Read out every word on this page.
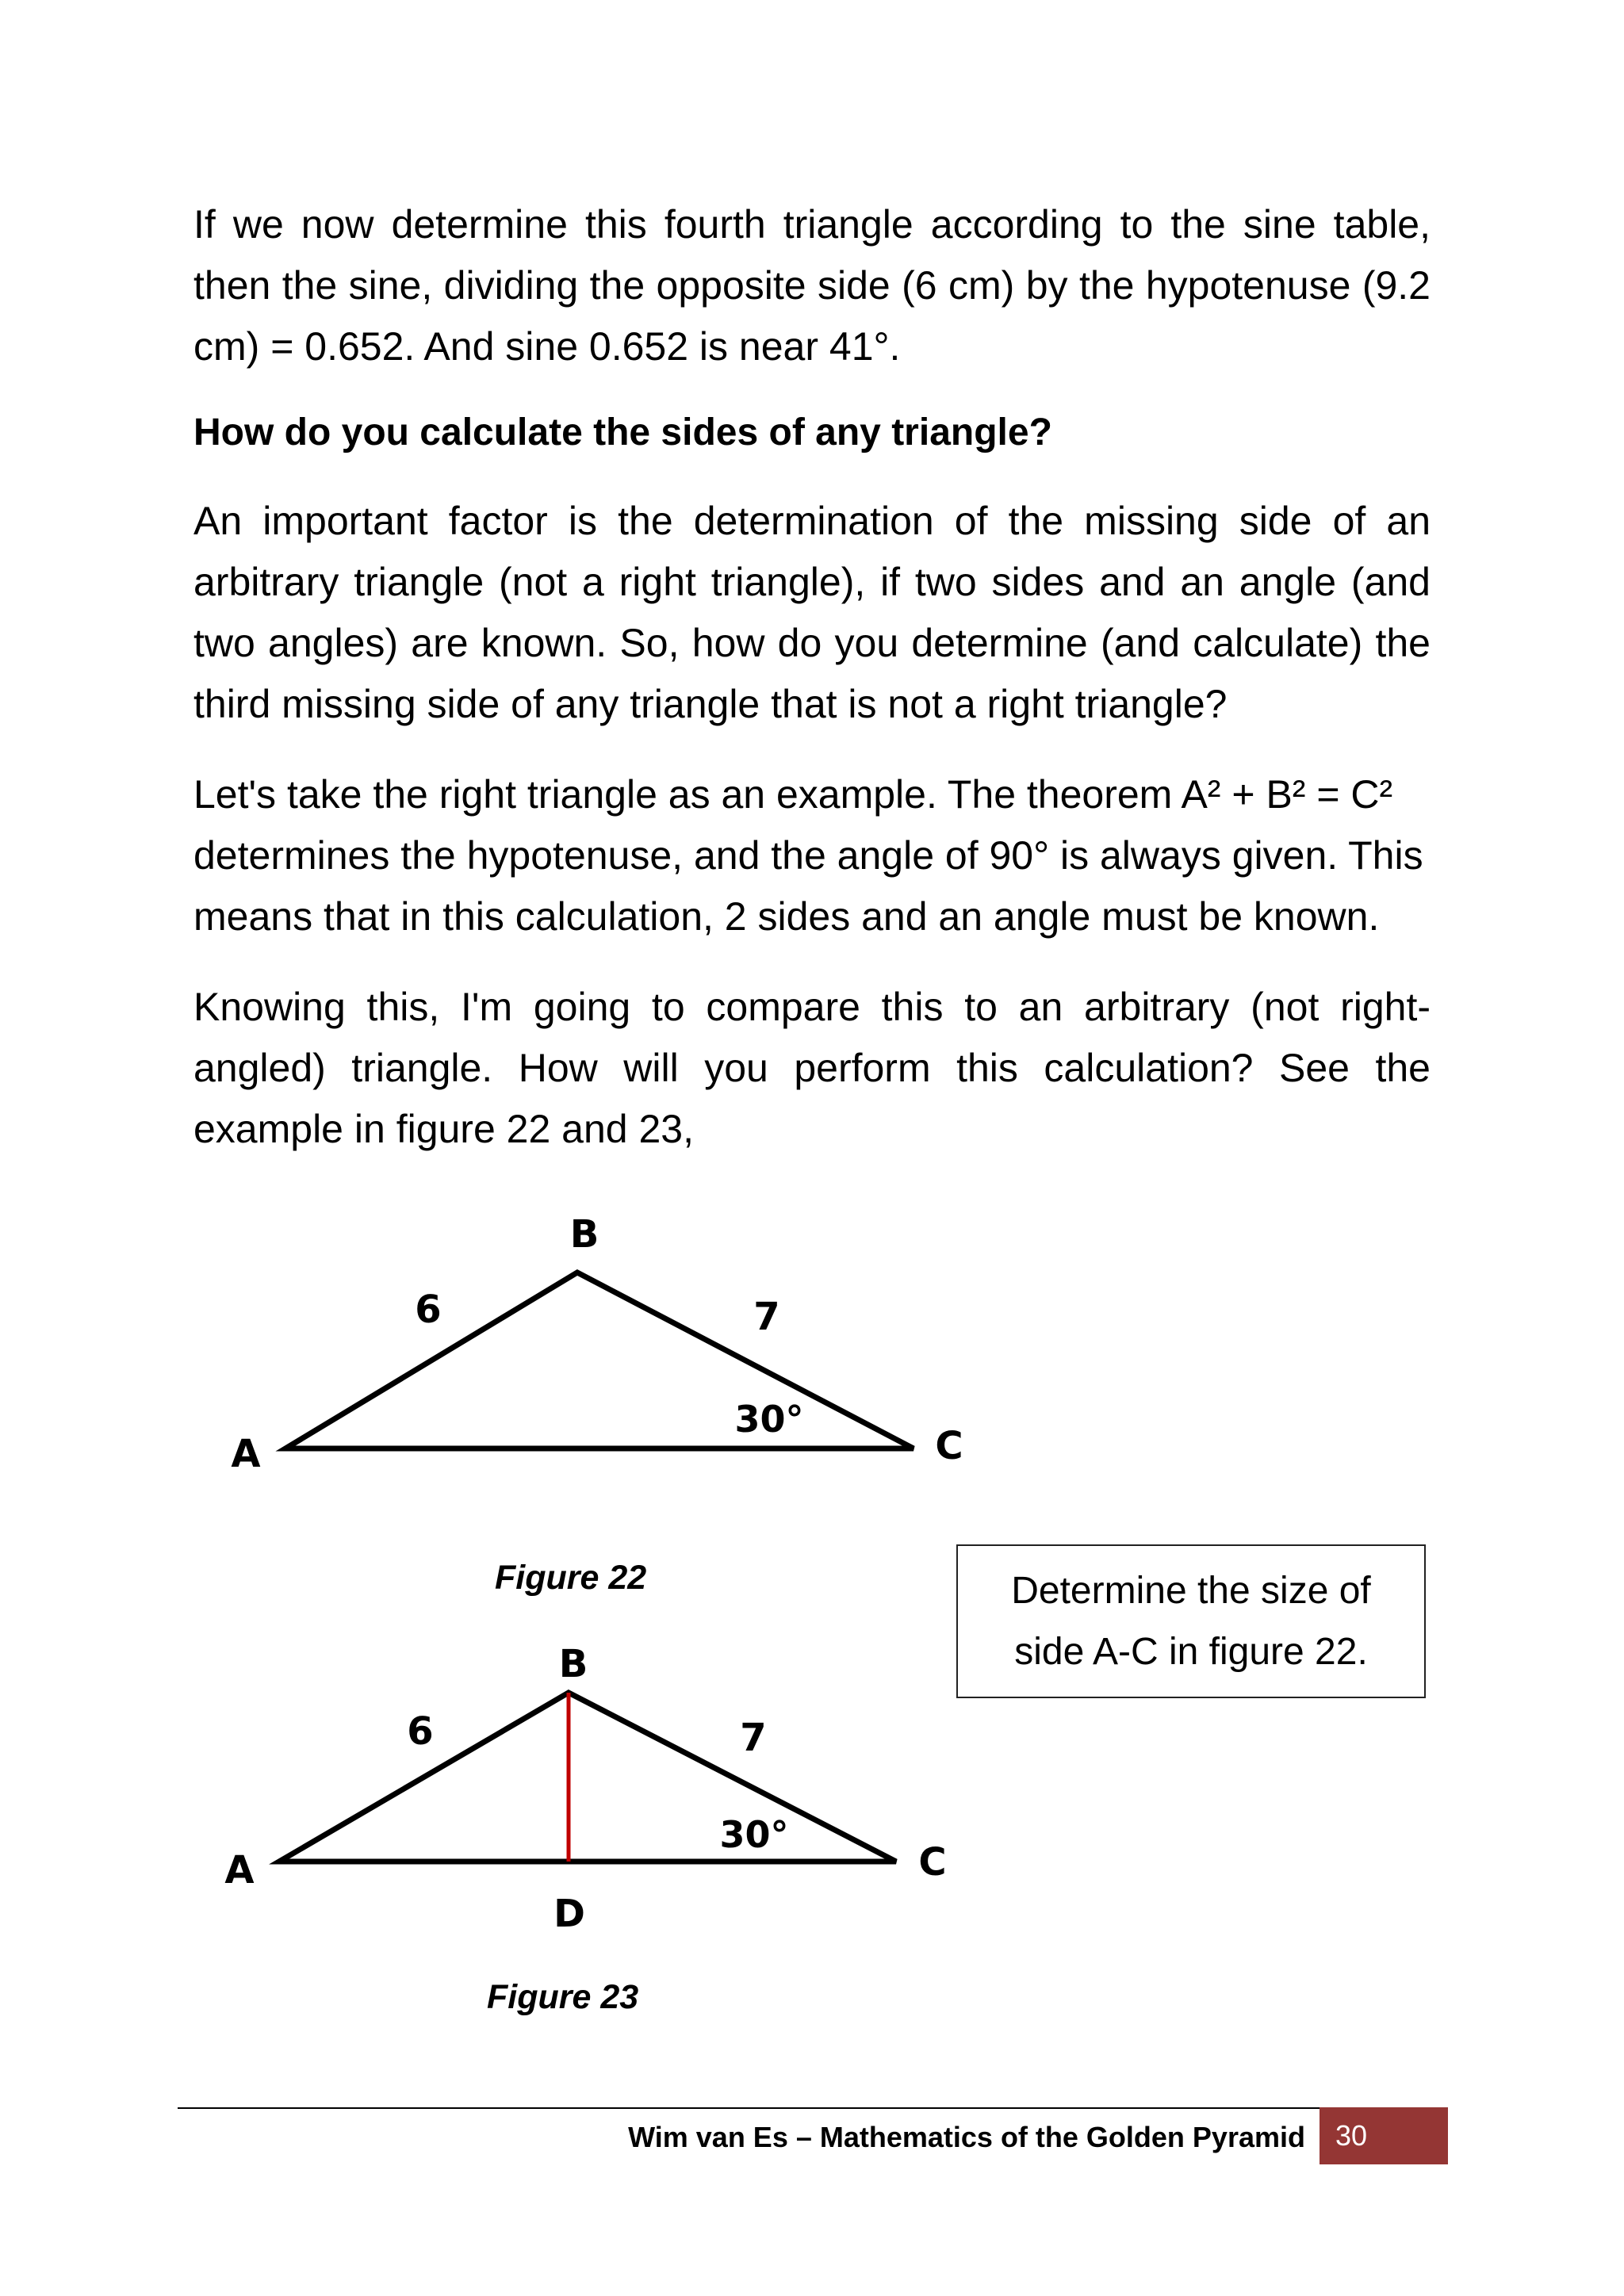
If we now determine this fourth triangle according to the sine table, then the sine, dividing the opposite side (6 cm) by the hypotenuse (9.2 cm) = 0.652. And sine 0.652 is near 41°.

How do you calculate the sides of any triangle?

An important factor is the determination of the missing side of an arbitrary triangle (not a right triangle), if two sides and an angle (and two angles) are known. So, how do you determine (and calculate) the third missing side of any triangle that is not a right triangle?

Let's take the right triangle as an example. The theorem A² + B² = C² determines the hypotenuse, and the angle of 90° is always given. This means that in this calculation, 2 sides and an angle must be known.

Knowing this, I'm going to compare this to an arbitrary (not right-angled) triangle. How will you perform this calculation? See the example in figure 22 and 23,

B
A	C
6	7
30°
Figure 22	Determine the size of side A-C in figure 22.
B
A	C
D
6	7
30°
Figure 23
Wim van Es – Mathematics of the Golden Pyramid	30
